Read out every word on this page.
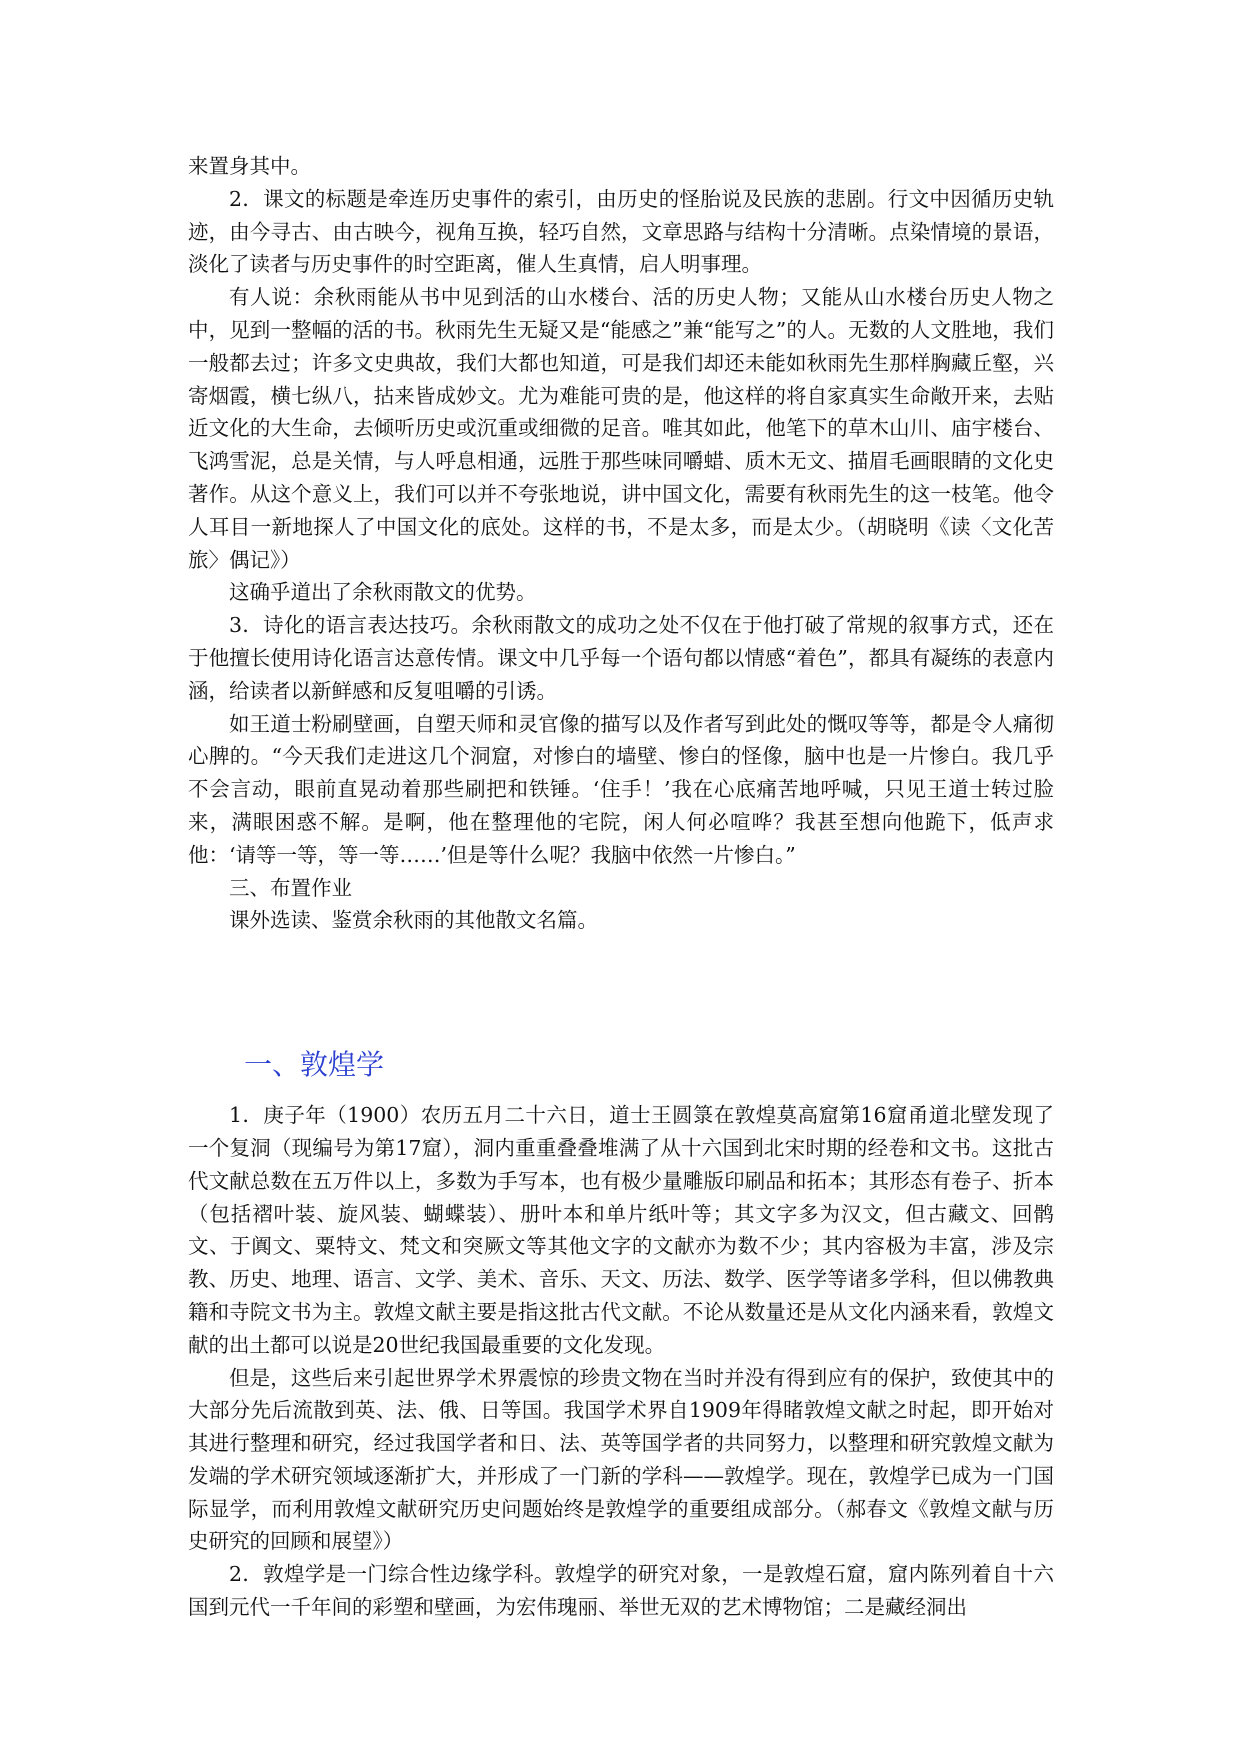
来置身其中。

2．课文的标题是牵连历史事件的索引，由历史的怪胎说及民族的悲剧。行文中因循历史轨迹，由今寻古、由古映今，视角互换，轻巧自然，文章思路与结构十分清晰。点染情境的景语，淡化了读者与历史事件的时空距离，催人生真情，启人明事理。

有人说：余秋雨能从书中见到活的山水楼台、活的历史人物；又能从山水楼台历史人物之中，见到一整幅的活的书。秋雨先生无疑又是“能感之”兼“能写之”的人。无数的人文胜地，我们一般都去过；许多文史典故，我们大都也知道，可是我们却还未能如秋雨先生那样胸藏丘壑，兴寄烟霞，横七纵八，拈来皆成妙文。尤为难能可贵的是，他这样的将自家真实生命敞开来，去贴近文化的大生命，去倾听历史或沉重或细微的足音。唯其如此，他笔下的草木山川、庙宇楼台、飞鸿雪泥，总是关情，与人呼息相通，远胜于那些味同嚼蜡、质木无文、描眉毛画眼睛的文化史著作。从这个意义上，我们可以并不夸张地说，讲中国文化，需要有秋雨先生的这一枝笔。他令人耳目一新地探人了中国文化的底处。这样的书，不是太多，而是太少。（胡晓明《读〈文化苦旅〉偶记》）

这确乎道出了余秋雨散文的优势。

3．诗化的语言表达技巧。余秋雨散文的成功之处不仅在于他打破了常规的叙事方式，还在于他擅长使用诗化语言达意传情。课文中几乎每一个语句都以情感“着色”，都具有凝练的表意内涵，给读者以新鲜感和反复咀嚼的引诱。

如王道士粉刷壁画，自塑天师和灵官像的描写以及作者写到此处的慨叹等等，都是令人痛彻心脾的。“今天我们走进这几个洞窟，对惨白的墙壁、惨白的怪像，脑中也是一片惨白。我几乎不会言动，眼前直晃动着那些刷把和铁锤。‘住手！’我在心底痛苦地呼喊，只见王道士转过脸来，满眼困惑不解。是啊，他在整理他的宅院，闲人何必喧哗？我甚至想向他跪下，低声求他：‘请等一等，等一等……’但是等什么呢？我脑中依然一片惨白。”

三、布置作业

课外选读、鉴赏余秋雨的其他散文名篇。

一、敦煌学

1．庚子年（1900）农历五月二十六日，道士王圆箓在敦煌莫高窟第16窟甬道北壁发现了一个复洞（现编号为第17窟），洞内重重叠叠堆满了从十六国到北宋时期的经卷和文书。这批古代文献总数在五万件以上，多数为手写本，也有极少量雕版印刷品和拓本；其形态有卷子、折本（包括褶叶装、旋风装、蝴蝶装）、册叶本和单片纸叶等；其文字多为汉文，但古藏文、回鹘文、于阗文、粟特文、梵文和突厥文等其他文字的文献亦为数不少；其内容极为丰富，涉及宗教、历史、地理、语言、文学、美术、音乐、天文、历法、数学、医学等诸多学科，但以佛教典籍和寺院文书为主。敦煌文献主要是指这批古代文献。不论从数量还是从文化内涵来看，敦煌文献的出土都可以说是20世纪我国最重要的文化发现。

但是，这些后来引起世界学术界震惊的珍贵文物在当时并没有得到应有的保护，致使其中的大部分先后流散到英、法、俄、日等国。我国学术界自1909年得睹敦煌文献之时起，即开始对其进行整理和研究，经过我国学者和日、法、英等国学者的共同努力，以整理和研究敦煌文献为发端的学术研究领域逐渐扩大，并形成了一门新的学科——敦煌学。现在，敦煌学已成为一门国际显学，而利用敦煌文献研究历史问题始终是敦煌学的重要组成部分。（郝春文《敦煌文献与历史研究的回顾和展望》）

2．敦煌学是一门综合性边缘学科。敦煌学的研究对象，一是敦煌石窟，窟内陈列着自十六国到元代一千年间的彩塑和壁画，为宏伟瑰丽、举世无双的艺术博物馆；二是藏经洞出
